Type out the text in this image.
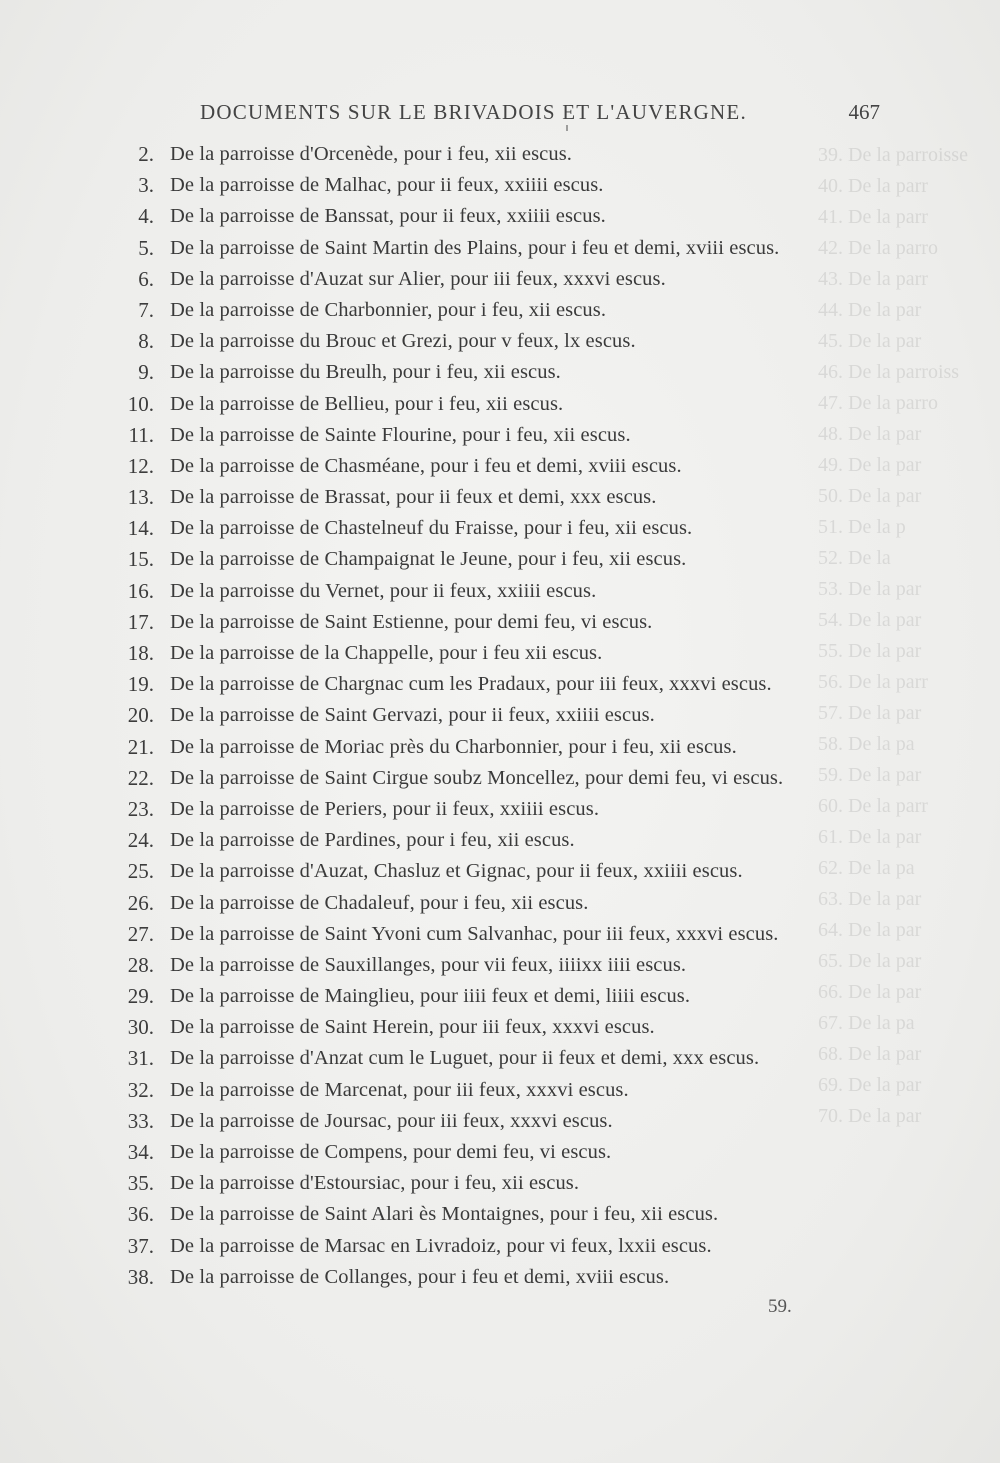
39. De la parroisse
40. De la parr
41. De la parr
42. De la parro
43. De la parr
44. De la par
45. De la par
46. De la parroiss
47. De la parro
48. De la par
49. De la par
50. De la par
51. De la p
52. De la
53. De la par
54. De la par
55. De la par
56. De la parr
57. De la par
58. De la pa
59. De la par
60. De la parr
61. De la par
62. De la pa
63. De la par
64. De la par
65. De la par
66. De la par
67. De la pa
68. De la par
69. De la par
70. De la par
DOCUMENTS SUR LE BRIVADOIS ET L'AUVERGNE.	467
2. De la parroisse d'Orcenède, pour i feu, xii escus.
3. De la parroisse de Malhac, pour ii feux, xxiiii escus.
4. De la parroisse de Banssat, pour ii feux, xxiiii escus.
5. De la parroisse de Saint Martin des Plains, pour i feu et demi, xviii escus.
6. De la parroisse d'Auzat sur Alier, pour iii feux, xxxvi escus.
7. De la parroisse de Charbonnier, pour i feu, xii escus.
8. De la parroisse du Brouc et Grezi, pour v feux, lx escus.
9. De la parroisse du Breulh, pour i feu, xii escus.
10. De la parroisse de Bellieu, pour i feu, xii escus.
11. De la parroisse de Sainte Flourine, pour i feu, xii escus.
12. De la parroisse de Chasméane, pour i feu et demi, xviii escus.
13. De la parroisse de Brassat, pour ii feux et demi, xxx escus.
14. De la parroisse de Chastelneuf du Fraisse, pour i feu, xii escus.
15. De la parroisse de Champaignat le Jeune, pour i feu, xii escus.
16. De la parroisse du Vernet, pour ii feux, xxiiii escus.
17. De la parroisse de Saint Estienne, pour demi feu, vi escus.
18. De la parroisse de la Chappelle, pour i feu xii escus.
19. De la parroisse de Chargnac cum les Pradaux, pour iii feux, xxxvi escus.
20. De la parroisse de Saint Gervazi, pour ii feux, xxiiii escus.
21. De la parroisse de Moriac près du Charbonnier, pour i feu, xii escus.
22. De la parroisse de Saint Cirgue soubz Moncellez, pour demi feu, vi escus.
23. De la parroisse de Periers, pour ii feux, xxiiii escus.
24. De la parroisse de Pardines, pour i feu, xii escus.
25. De la parroisse d'Auzat, Chasluz et Gignac, pour ii feux, xxiiii escus.
26. De la parroisse de Chadaleuf, pour i feu, xii escus.
27. De la parroisse de Saint Yvoni cum Salvanhac, pour iii feux, xxxvi escus.
28. De la parroisse de Sauxillanges, pour vii feux, iiiixx iiii escus.
29. De la parroisse de Mainglieu, pour iiii feux et demi, liiii escus.
30. De la parroisse de Saint Herein, pour iii feux, xxxvi escus.
31. De la parroisse d'Anzat cum le Luguet, pour ii feux et demi, xxx escus.
32. De la parroisse de Marcenat, pour iii feux, xxxvi escus.
33. De la parroisse de Joursac, pour iii feux, xxxvi escus.
34. De la parroisse de Compens, pour demi feu, vi escus.
35. De la parroisse d'Estoursiac, pour i feu, xii escus.
36. De la parroisse de Saint Alari ès Montaignes, pour i feu, xii escus.
37. De la parroisse de Marsac en Livradoiz, pour vi feux, lxxii escus.
38. De la parroisse de Collanges, pour i feu et demi, xviii escus.
59.
